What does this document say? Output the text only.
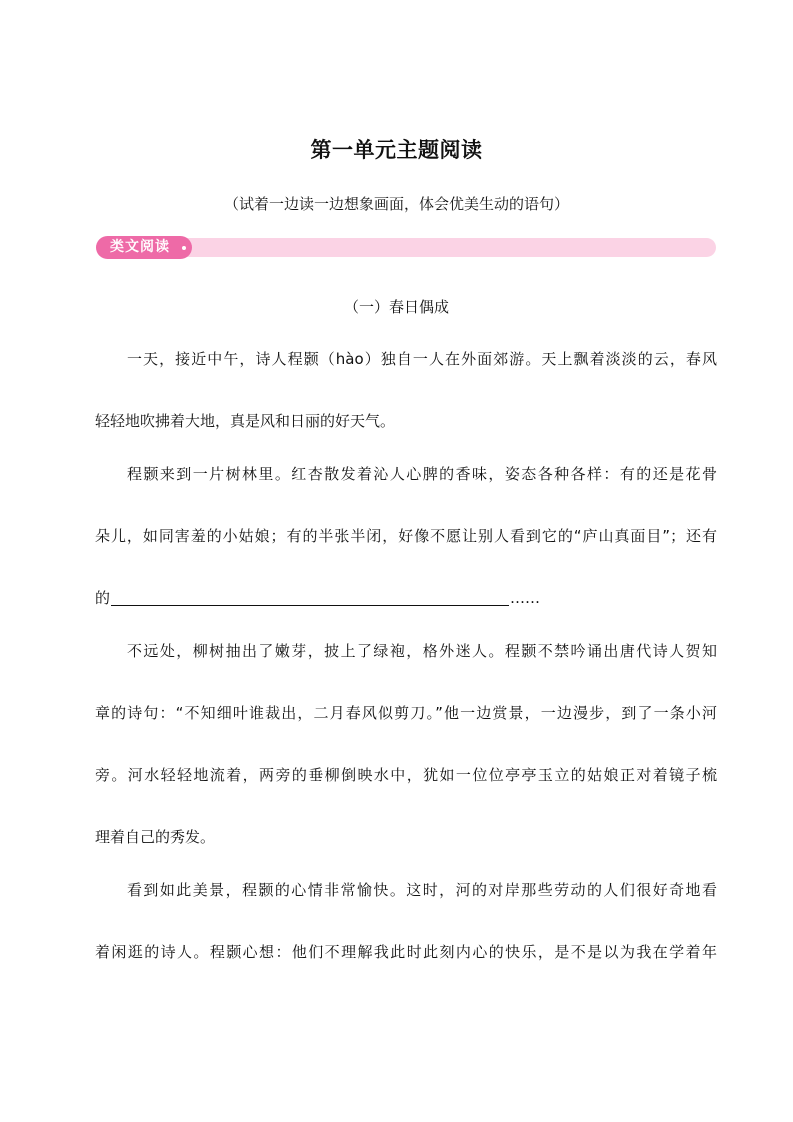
第一单元主题阅读
（试着一边读一边想象画面，体会优美生动的语句）
类文阅读
（一）春日偶成
一天，接近中午，诗人程颢（hào）独自一人在外面郊游。天上飘着淡淡的云，春风
轻轻地吹拂着大地，真是风和日丽的好天气。
程颢来到一片树林里。红杏散发着沁人心脾的香味，姿态各种各样：有的还是花骨
朵儿，如同害羞的小姑娘；有的半张半闭，好像不愿让别人看到它的“庐山真面目”；还有
的	……
不远处，柳树抽出了嫩芽，披上了绿袍，格外迷人。程颢不禁吟诵出唐代诗人贺知
章的诗句：“不知细叶谁裁出，二月春风似剪刀。”他一边赏景，一边漫步，到了一条小河
旁。河水轻轻地流着，两旁的垂柳倒映水中，犹如一位位亭亭玉立的姑娘正对着镜子梳
理着自己的秀发。
看到如此美景，程颢的心情非常愉快。这时，河的对岸那些劳动的人们很好奇地看
着闲逛的诗人。程颢心想：他们不理解我此时此刻内心的快乐，是不是以为我在学着年
